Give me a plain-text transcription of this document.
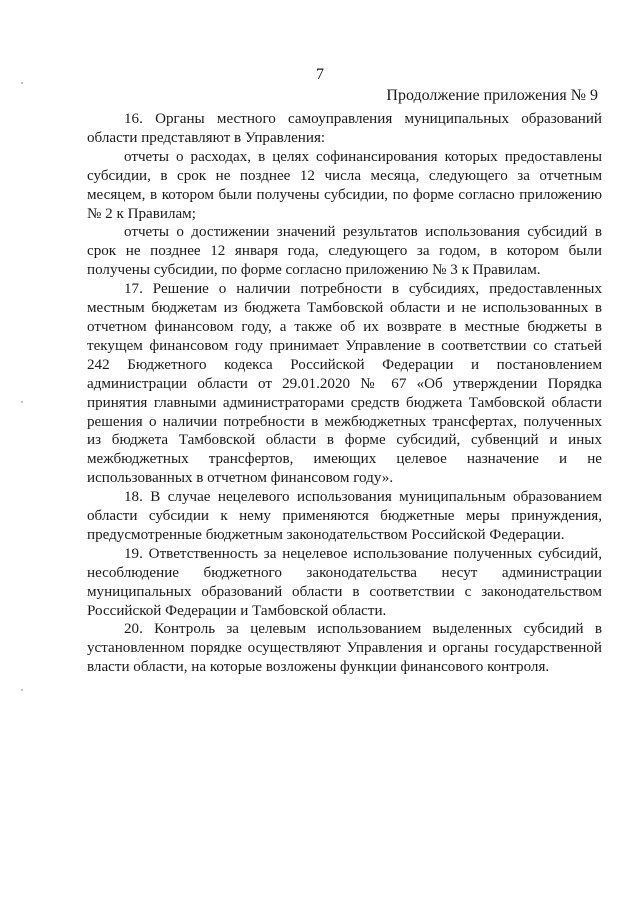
7
Продолжение приложения № 9

16. Органы местного самоуправления муниципальных образований области представляют в Управления:

отчеты о расходах, в целях софинансирования которых предоставлены субсидии, в срок не позднее 12 числа месяца, следующего за отчетным месяцем, в котором были получены субсидии, по форме согласно приложению № 2 к Правилам;

отчеты о достижении значений результатов использования субсидий в срок не позднее 12 января года, следующего за годом, в котором были получены субсидии, по форме согласно приложению № 3 к Правилам.

17. Решение о наличии потребности в субсидиях, предоставленных местным бюджетам из бюджета Тамбовской области и не использованных в отчетном финансовом году, а также об их возврате в местные бюджеты в текущем финансовом году принимает Управление в соответствии со статьей 242 Бюджетного кодекса Российской Федерации и постановлением администрации области от 29.01.2020 № 67 «Об утверждении Порядка принятия главными администраторами средств бюджета Тамбовской области решения о наличии потребности в межбюджетных трансфертах, полученных из бюджета Тамбовской области в форме субсидий, субвенций и иных межбюджетных трансфертов, имеющих целевое назначение и не использованных в отчетном финансовом году».

18. В случае нецелевого использования муниципальным образованием области субсидии к нему применяются бюджетные меры принуждения, предусмотренные бюджетным законодательством Российской Федерации.

19. Ответственность за нецелевое использование полученных субсидий, несоблюдение бюджетного законодательства несут администрации муниципальных образований области в соответствии с законодательством Российской Федерации и Тамбовской области.

20. Контроль за целевым использованием выделенных субсидий в установленном порядке осуществляют Управления и органы государственной власти области, на которые возложены функции финансового контроля.
